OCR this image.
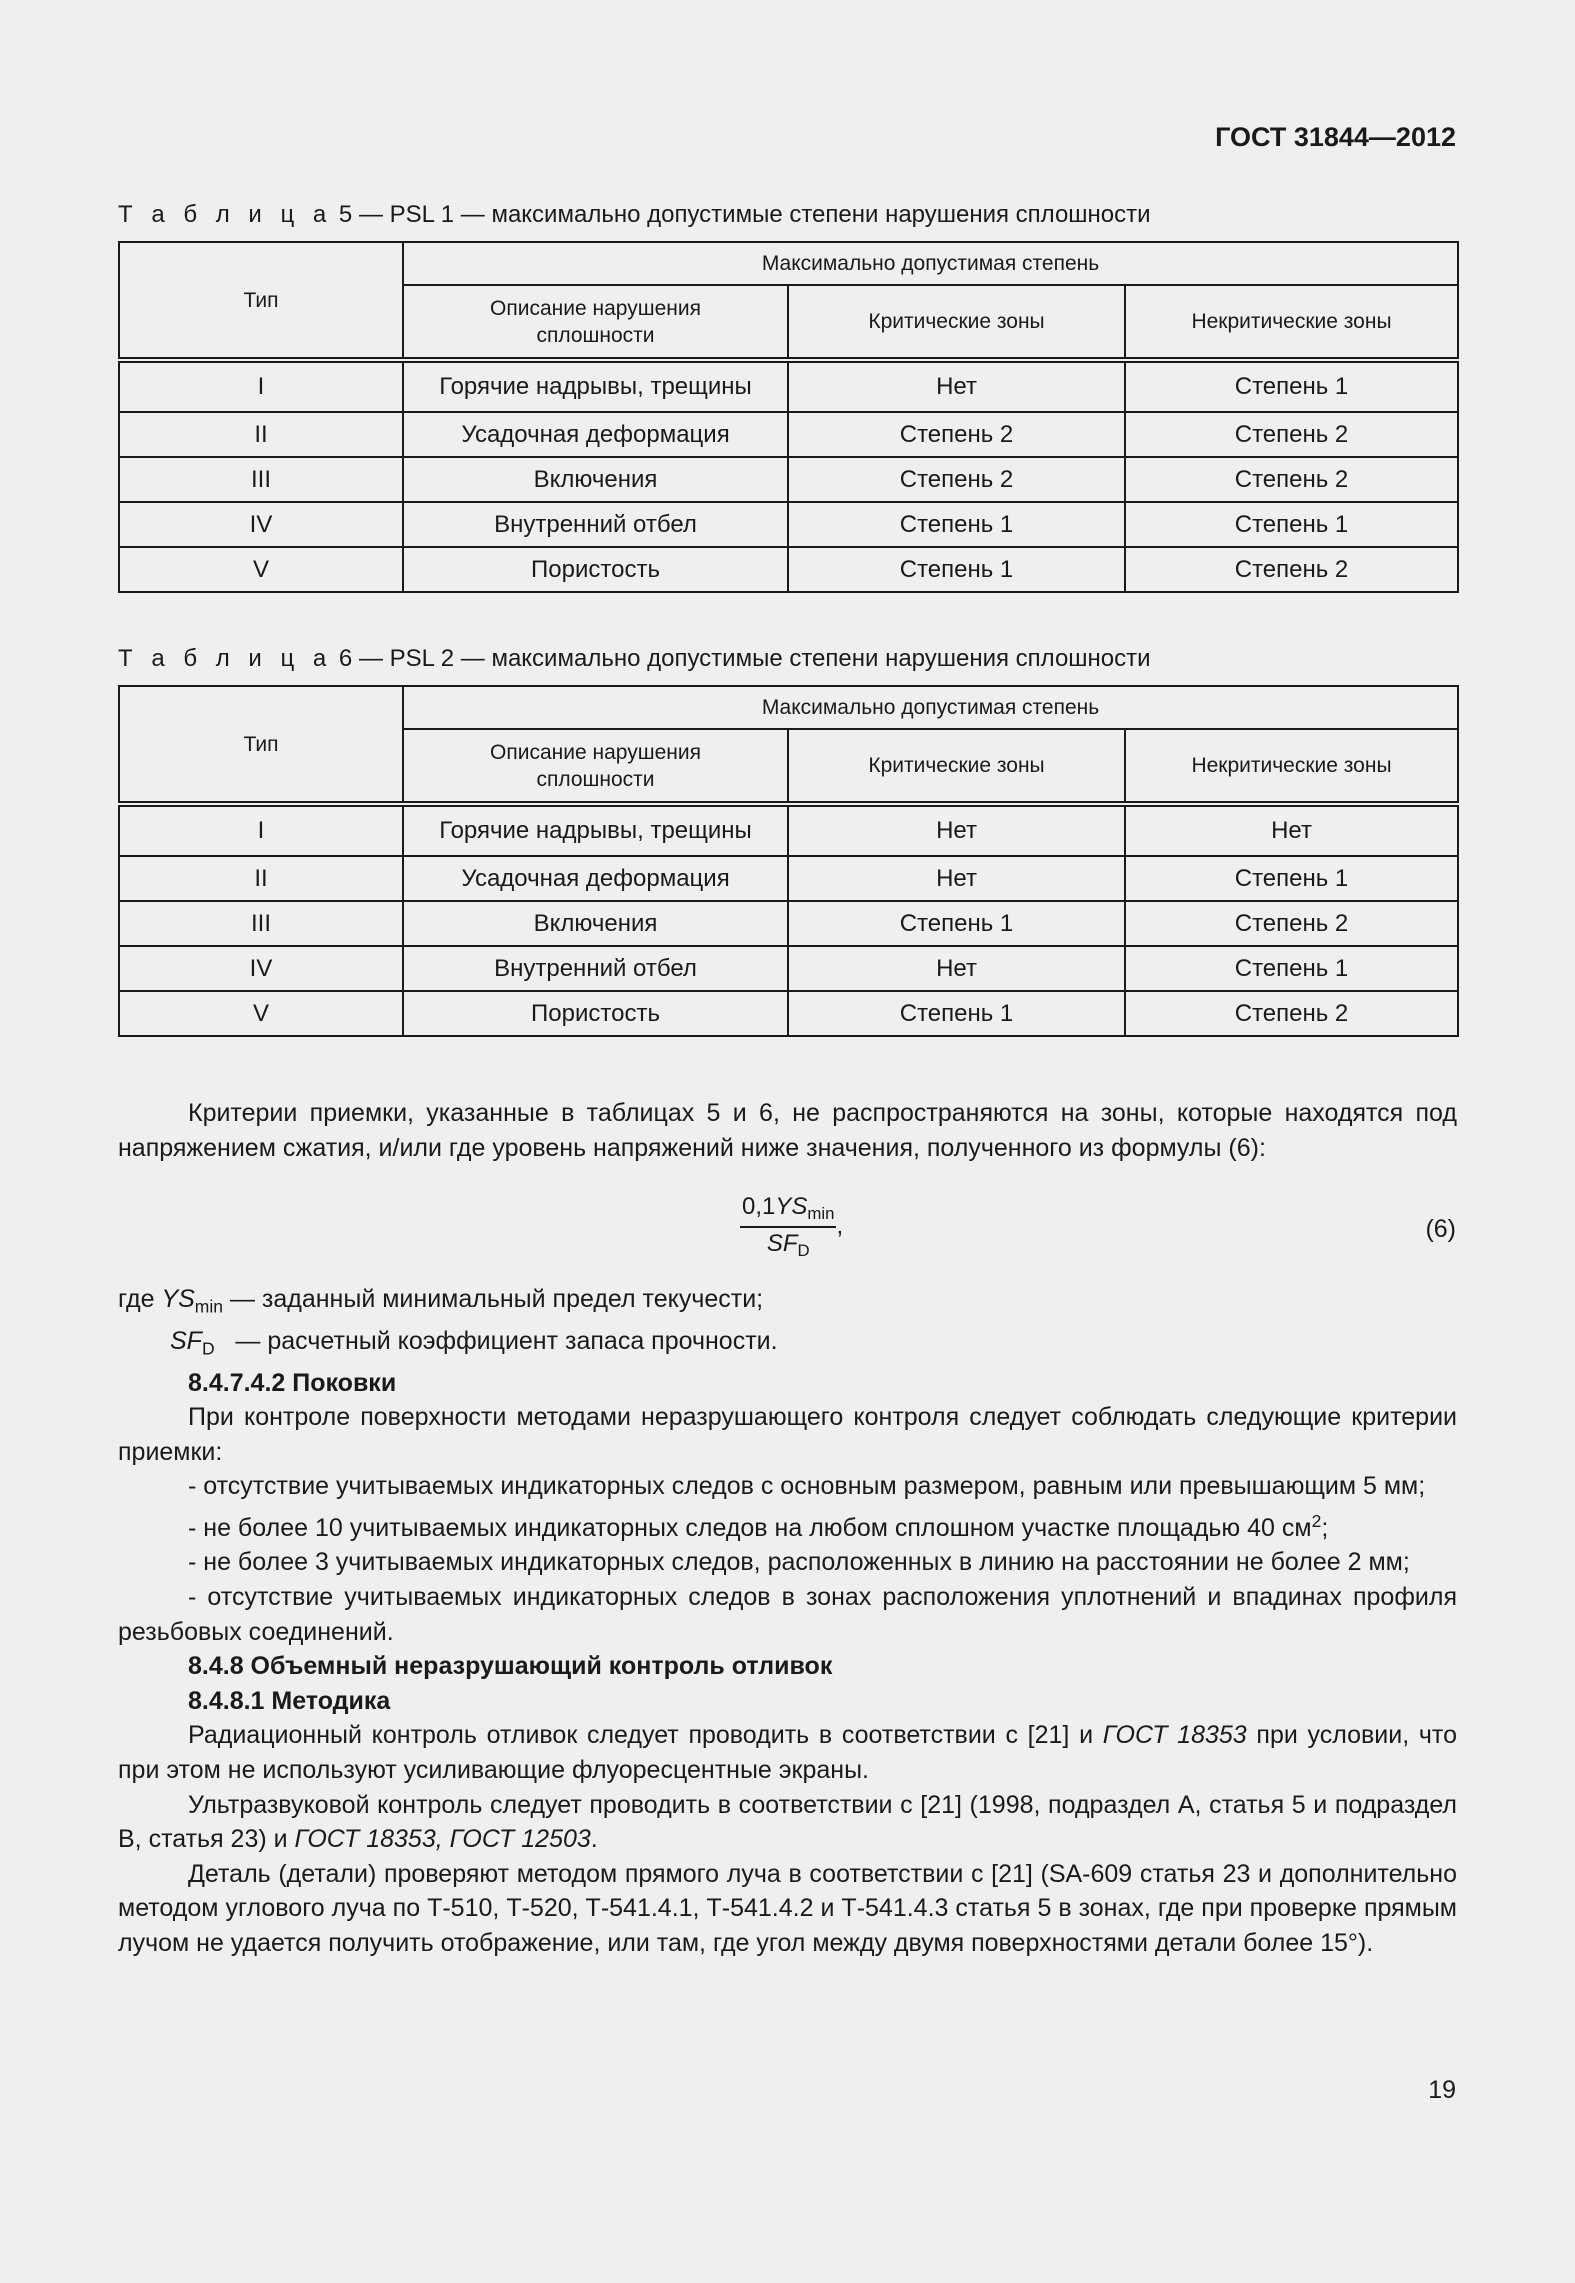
ГОСТ 31844—2012
Т а б л и ц а 5 — PSL 1 — максимально допустимые степени нарушения сплошности
Тип	Максимально допустимая степень		
	Описание нарушения сплошности	Критические зоны	Некритические зоны
I	Горячие надрывы, трещины	Нет	Степень 1
II	Усадочная деформация	Степень 2	Степень 2
III	Включения	Степень 2	Степень 2
IV	Внутренний отбел	Степень 1	Степень 1
V	Пористость	Степень 1	Степень 2
Т а б л и ц а 6 — PSL 2 — максимально допустимые степени нарушения сплошности
Тип	Максимально допустимая степень		
	Описание нарушения сплошности	Критические зоны	Некритические зоны
I	Горячие надрывы, трещины	Нет	Нет
II	Усадочная деформация	Нет	Степень 1
III	Включения	Степень 1	Степень 2
IV	Внутренний отбел	Нет	Степень 1
V	Пористость	Степень 1	Степень 2

Критерии приемки, указанные в таблицах 5 и 6, не распространяются на зоны, которые находятся под напряжением сжатия, и/или где уровень напряжений ниже значения, полученного из формулы (6):

$\frac{0,1YS_{min}}{SF_D}$ ,	(6)

где $YS_{min}$ — заданный минимальный предел текучести;

$SF_D$   — расчетный коэффициент запаса прочности.

8.4.7.4.2 Поковки

При контроле поверхности методами неразрушающего контроля следует соблюдать следующие критерии приемки:

- отсутствие учитываемых индикаторных следов с основным размером, равным или превышающим 5 мм;

- не более 10 учитываемых индикаторных следов на любом сплошном участке площадью 40 $см^2$;

- не более 3 учитываемых индикаторных следов, расположенных в линию на расстоянии не более 2 мм;

- отсутствие учитываемых индикаторных следов в зонах расположения уплотнений и впадинах профиля резьбовых соединений.

8.4.8 Объемный неразрушающий контроль отливок

8.4.8.1 Методика

Радиационный контроль отливок следует проводить в соответствии с [21] и ГОСТ 18353 при условии, что при этом не используют усиливающие флуоресцентные экраны.

Ультразвуковой контроль следует проводить в соответствии с [21] (1998, подраздел A, статья 5 и подраздел B, статья 23) и ГОСТ 18353, ГОСТ 12503.

Деталь (детали) проверяют методом прямого луча в соответствии с [21] (SA-609 статья 23 и дополнительно методом углового луча по Т-510, Т-520, Т-541.4.1, Т-541.4.2 и Т-541.4.3 статья 5 в зонах, где при проверке прямым лучом не удается получить отображение, или там, где угол между двумя поверхностями детали более 15°).

19
